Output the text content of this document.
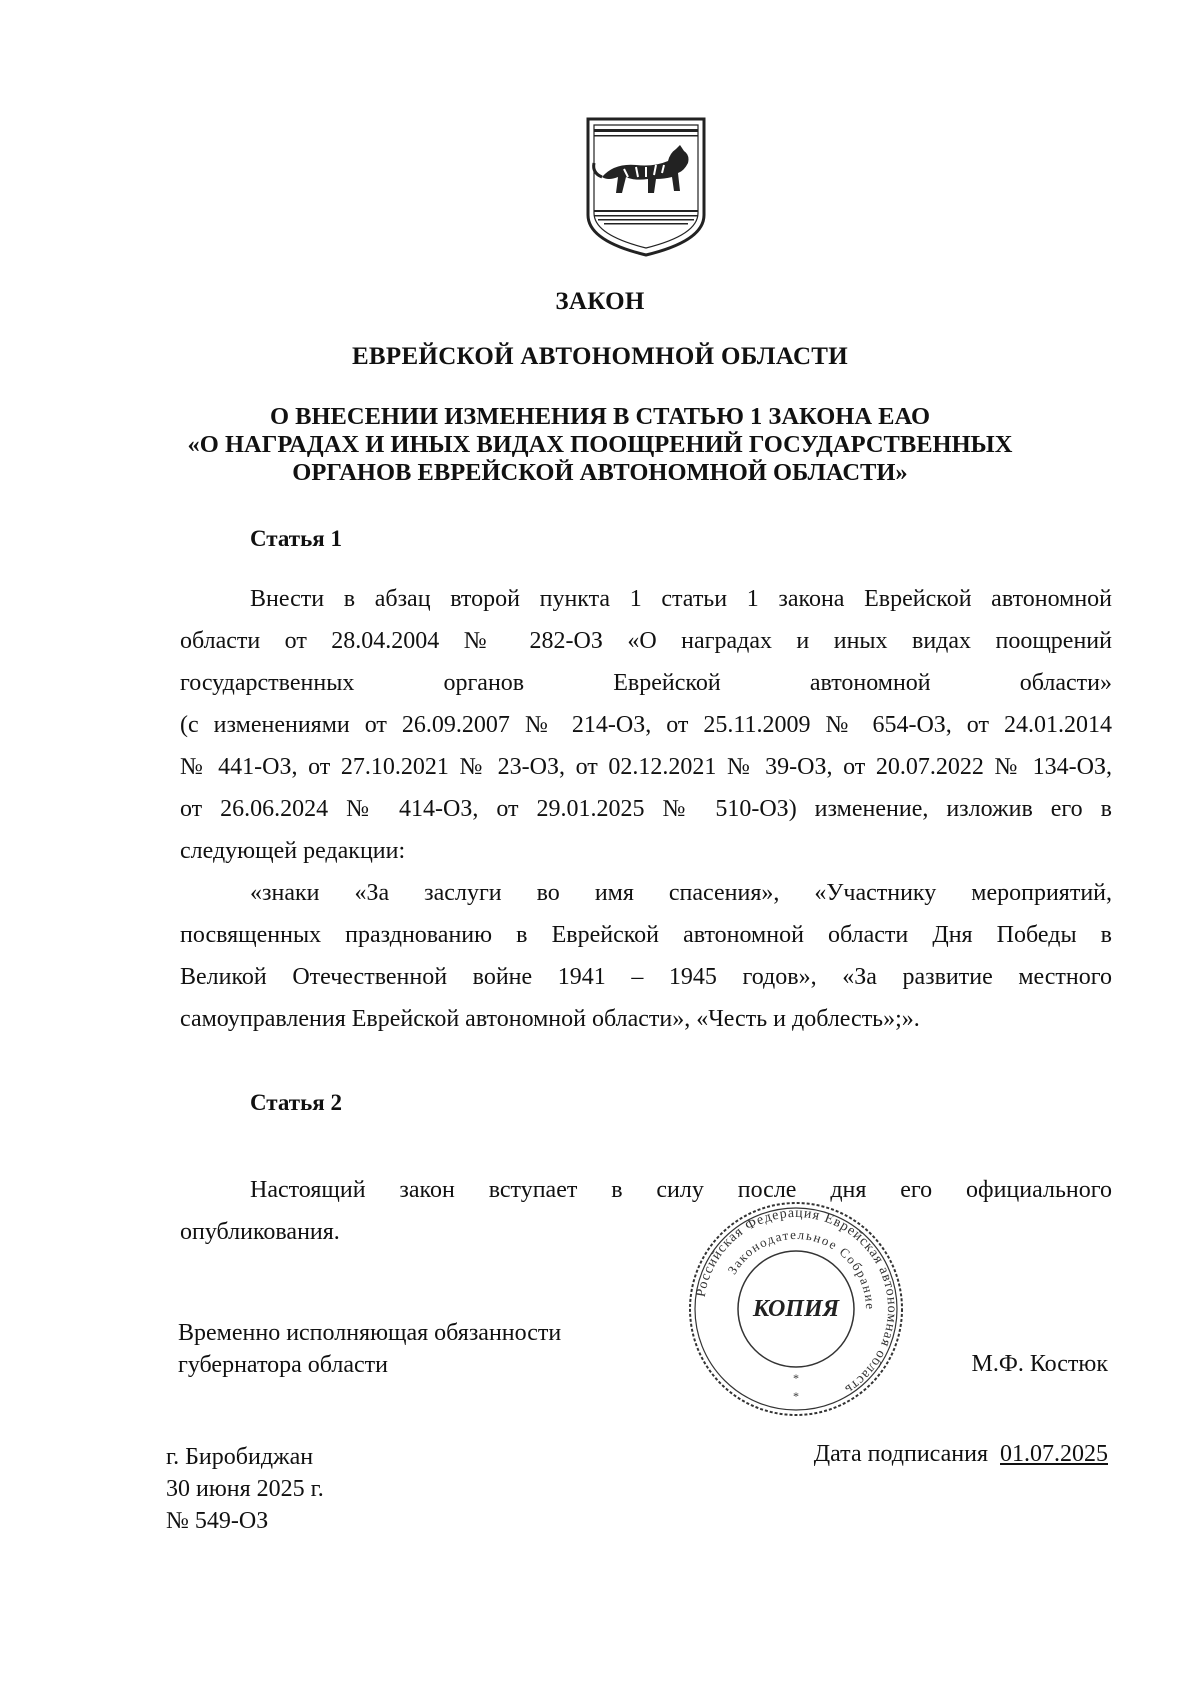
ЗАКОН
ЕВРЕЙСКОЙ АВТОНОМНОЙ ОБЛАСТИ
О ВНЕСЕНИИ ИЗМЕНЕНИЯ В СТАТЬЮ 1 ЗАКОНА ЕАО
«О НАГРАДАХ И ИНЫХ ВИДАХ ПООЩРЕНИЙ ГОСУДАРСТВЕННЫХ
ОРГАНОВ ЕВРЕЙСКОЙ АВТОНОМНОЙ ОБЛАСТИ»
Статья 1
Внести в абзац второй пункта 1 статьи 1 закона Еврейской автономной
области от 28.04.2004 № 282-ОЗ «О наградах и иных видах поощрений
государственных органов Еврейской автономной области»
(с изменениями от 26.09.2007 № 214-ОЗ, от 25.11.2009 № 654-ОЗ, от 24.01.2014
№ 441-ОЗ, от 27.10.2021 № 23-ОЗ, от 02.12.2021 № 39-ОЗ, от 20.07.2022 № 134-ОЗ,
от 26.06.2024 № 414-ОЗ, от 29.01.2025 № 510-ОЗ) изменение, изложив его в
следующей редакции:
«знаки «За заслуги во имя спасения», «Участнику мероприятий,
посвященных празднованию в Еврейской автономной области Дня Победы в
Великой Отечественной войне 1941 – 1945 годов», «За развитие местного
самоуправления Еврейской автономной области», «Честь и доблесть»;».
Статья 2
Настоящий закон вступает в силу после дня его официального
опубликования.
Временно исполняющая обязанности
губернатора области	М.Ф. Костюк
Российская Федерация Еврейская автономная область
Законодательное Собрание
КОПИЯ
*
*
г. Биробиджан
30 июня 2025 г.
№ 549-ОЗ
Дата подписания 01.07.2025
